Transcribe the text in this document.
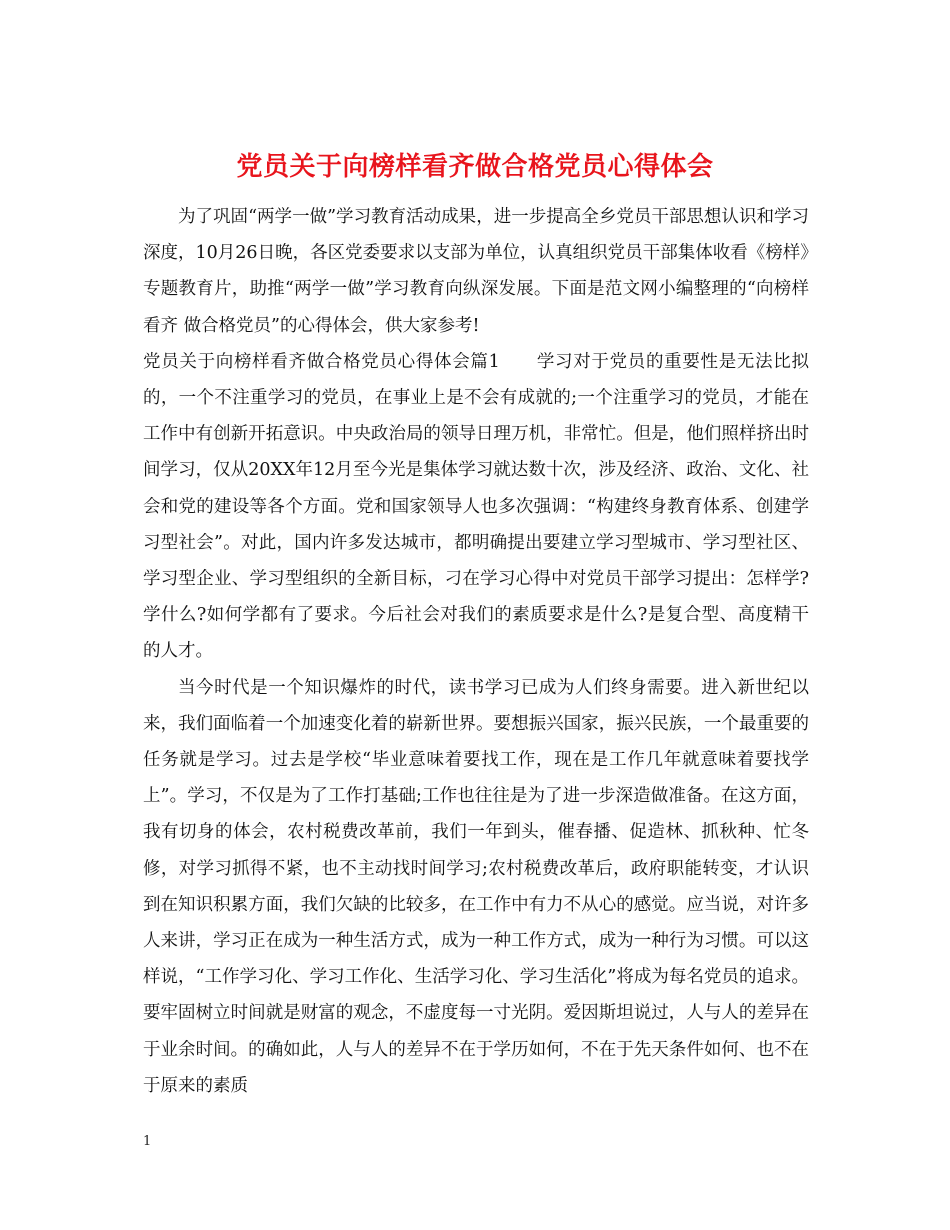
党员关于向榜样看齐做合格党员心得体会

为了巩固“两学一做”学习教育活动成果，进一步提高全乡党员干部思想认识和学习深度，10月26日晚，各区党委要求以支部为单位，认真组织党员干部集体收看《榜样》专题教育片，助推“两学一做”学习教育向纵深发展。下面是范文网小编整理的“向榜样看齐 做合格党员”的心得体会，供大家参考!

党员关于向榜样看齐做合格党员心得体会篇1　　学习对于党员的重要性是无法比拟的，一个不注重学习的党员，在事业上是不会有成就的;一个注重学习的党员，才能在工作中有创新开拓意识。中央政治局的领导日理万机，非常忙。但是，他们照样挤出时间学习，仅从20XX年12月至今光是集体学习就达数十次，涉及经济、政治、文化、社会和党的建设等各个方面。党和国家领导人也多次强调：“构建终身教育体系、创建学习型社会”。对此，国内许多发达城市，都明确提出要建立学习型城市、学习型社区、学习型企业、学习型组织的全新目标，刁在学习心得中对党员干部学习提出：怎样学?学什么?如何学都有了要求。今后社会对我们的素质要求是什么?是复合型、高度精干的人才。

当今时代是一个知识爆炸的时代，读书学习已成为人们终身需要。进入新世纪以来，我们面临着一个加速变化着的崭新世界。要想振兴国家，振兴民族，一个最重要的任务就是学习。过去是学校“毕业意味着要找工作，现在是工作几年就意味着要找学上”。学习，不仅是为了工作打基础;工作也往往是为了进一步深造做准备。在这方面，我有切身的体会，农村税费改革前，我们一年到头，催春播、促造林、抓秋种、忙冬修，对学习抓得不紧，也不主动找时间学习;农村税费改革后，政府职能转变，才认识到在知识积累方面，我们欠缺的比较多，在工作中有力不从心的感觉。应当说，对许多人来讲，学习正在成为一种生活方式，成为一种工作方式，成为一种行为习惯。可以这样说，“工作学习化、学习工作化、生活学习化、学习生活化”将成为每名党员的追求。要牢固树立时间就是财富的观念，不虚度每一寸光阴。爱因斯坦说过，人与人的差异在于业余时间。的确如此，人与人的差异不在于学历如何，不在于先天条件如何、也不在于原来的素质

1
